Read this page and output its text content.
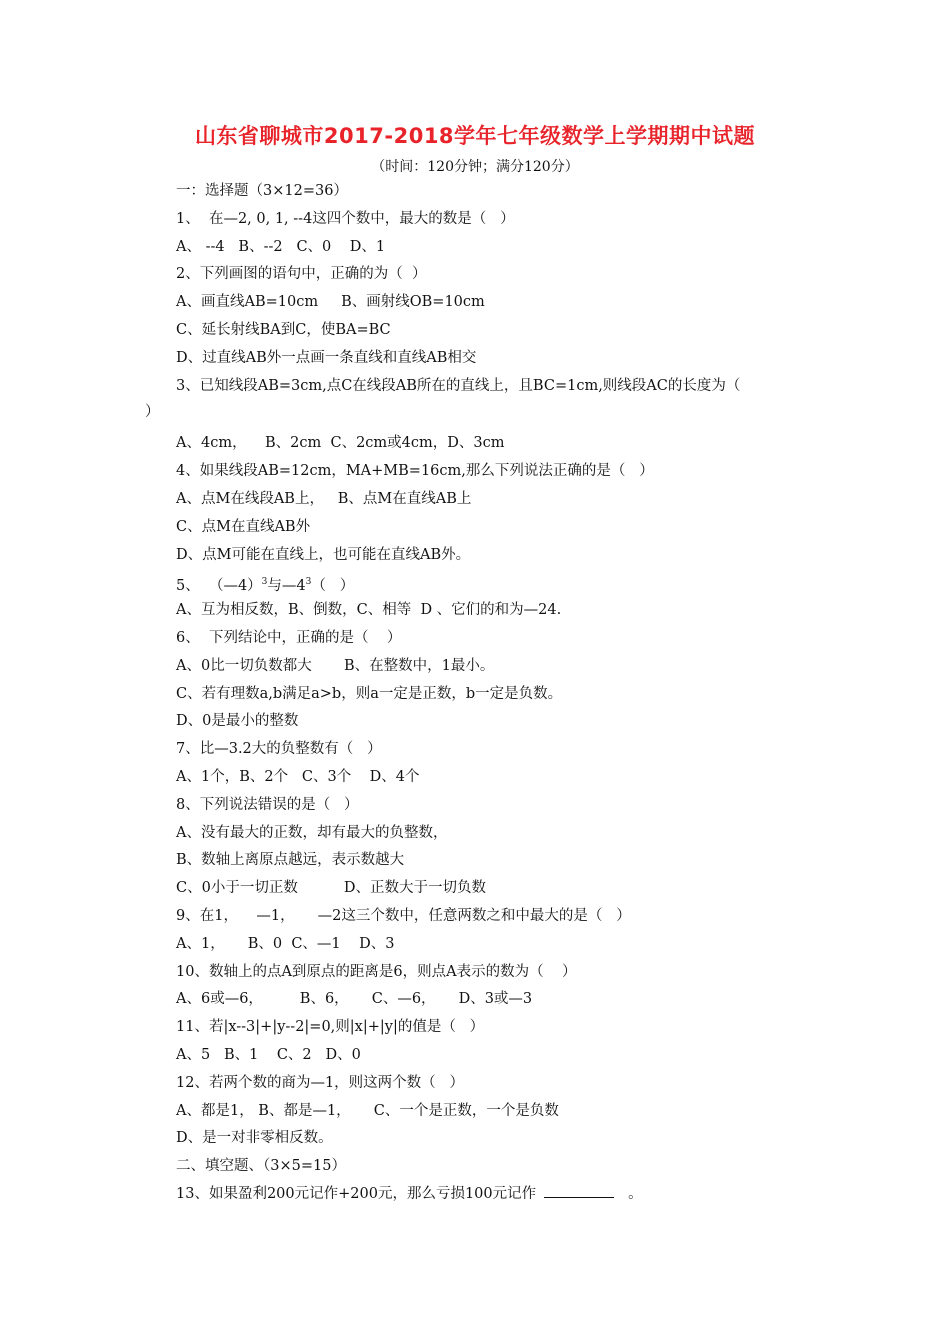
山东省聊城市2017-2018学年七年级数学上学期期中试题
（时间：120分钟；满分120分）
一：选择题（3×12=36）
1、  在—2, 0, 1, --4这四个数中，最大的数是（   ）
A、 --4   B、--2   C、0    D、1
2、下列画图的语句中，正确的为（  ）
A、画直线AB=10cm     B、画射线OB=10cm
C、延长射线BA到C，使BA=BC
D、过直线AB外一点画一条直线和直线AB相交
3、已知线段AB=3cm,点C在线段AB所在的直线上，且BC=1cm,则线段AC的长度为（
）
A、4cm，    B、2cm  C、2cm或4cm，D、3cm
4、如果线段AB=12cm，MA+MB=16cm,那么下列说法正确的是（   ）
A、点M在线段AB上，   B、点M在直线AB上
C、点M在直线AB外
D、点M可能在直线上，也可能在直线AB外。
5、  （—4）$^3$与$—4^3$（   ）
A、互为相反数，B、倒数，C、相等  D 、它们的和为—24.
6、  下列结论中，正确的是（    ）
A、0比一切负数都大       B、在整数中，1最小。
C、若有理数a,b满足a>b，则a一定是正数，b一定是负数。
D、0是最小的整数
7、比—3.2大的负整数有（   ）
A、1个，B、2个   C、3个    D、4个
8、下列说法错误的是（   ）
A、没有最大的正数，却有最大的负整数，
B、数轴上离原点越远，表示数越大
C、0小于一切正数          D、正数大于一切负数
9、在1，    —1，     —2这三个数中，任意两数之和中最大的是（   ）
A、1，     B、0  C、—1    D、3
10、数轴上的点A到原点的距离是6，则点A表示的数为（    ）
A、6或—6，        B、6，     C、—6，     D、3或—3
11、若|x--3|+|y--2|=0,则|x|+|y|的值是（   ）
A、5   B、1    C、2   D、0
12、若两个数的商为—1，则这两个数（   ）
A、都是1， B、都是—1，     C、一个是正数，一个是负数
D、是一对非零相反数。
二、填空题、（3×5=15）
13、如果盈利200元记作+200元，那么亏损100元记作	。
